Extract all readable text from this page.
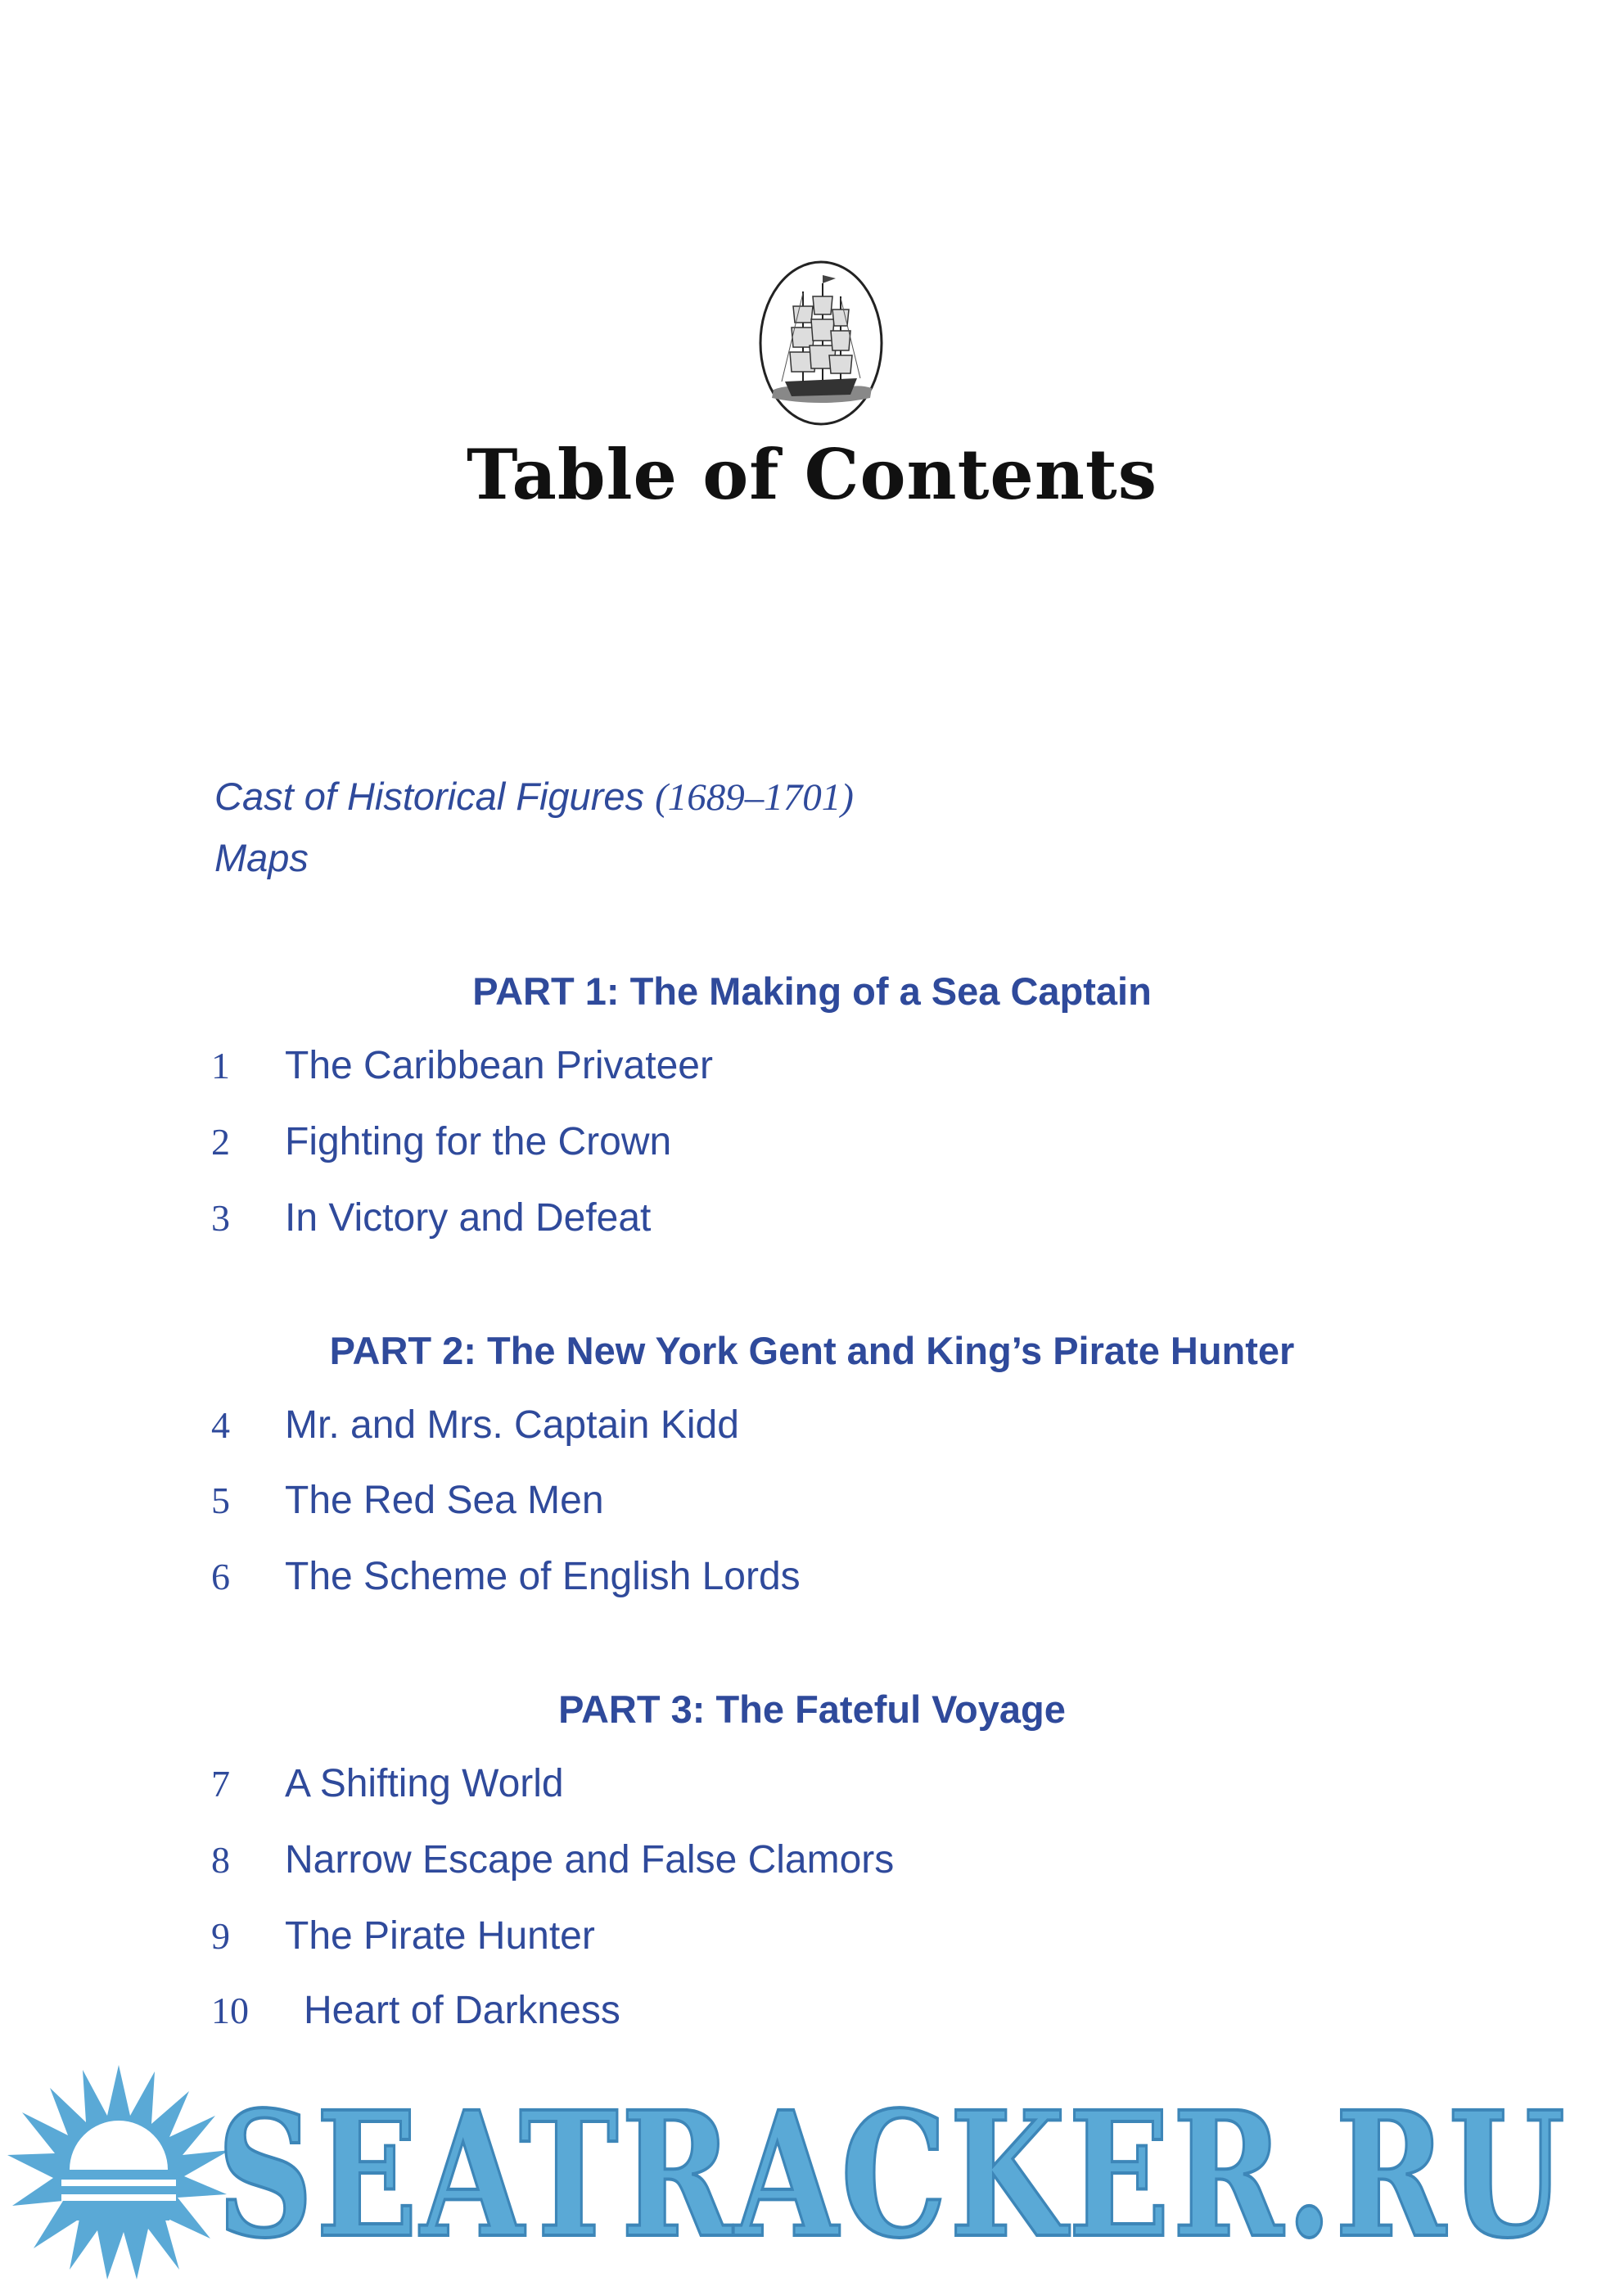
Table of Contents
Cast of Historical Figures (1689–1701)
Maps
PART 1: The Making of a Sea Captain
1 The Caribbean Privateer
2 Fighting for the Crown
3 In Victory and Defeat
PART 2: The New York Gent and King’s Pirate Hunter
4 Mr. and Mrs. Captain Kidd
5 The Red Sea Men
6 The Scheme of English Lords
PART 3: The Fateful Voyage
7 A Shifting World
8 Narrow Escape and False Clamors
9 The Pirate Hunter
10 Heart of Darkness
SEATRACKER.RU
